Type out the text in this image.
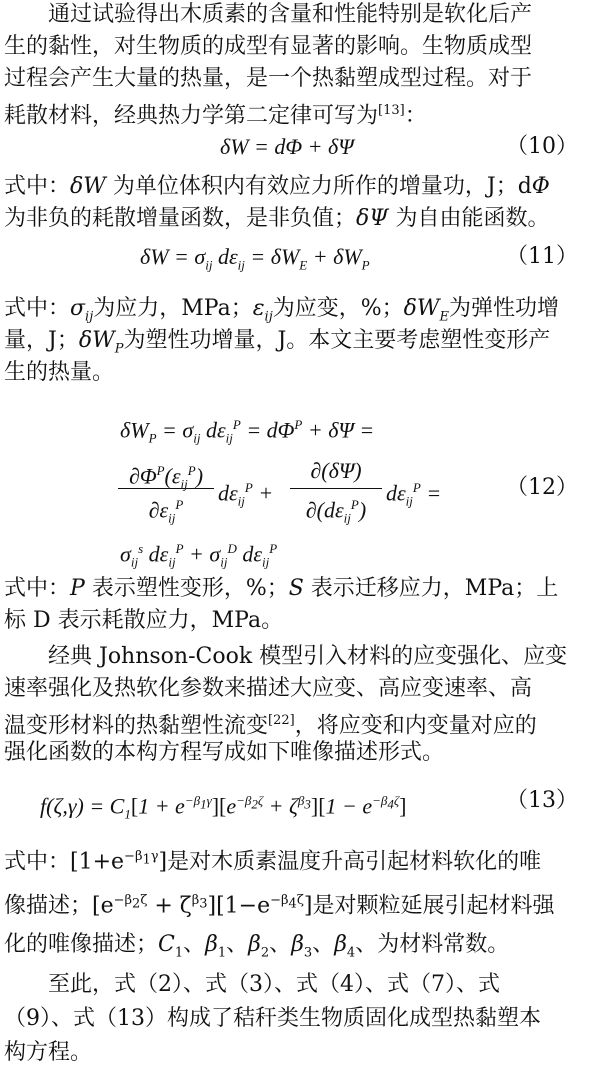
通过试验得出木质素的含量和性能特别是软化后产
生的黏性，对生物质的成型有显著的影响。生物质成型
过程会产生大量的热量，是一个热黏塑成型过程。对于
耗散材料，经典热力学第二定律可写为[13]：
δW = dΦ + δΨ	（10）
式中：δW 为单位体积内有效应力所作的增量功，J；dΦ
为非负的耗散增量函数，是非负值；δΨ 为自由能函数。
$\delta W = \sigma_{ij}$ $d\varepsilon_{ij} = \delta W_E + \delta W_P$	（11）
式中：$\sigma_{ij}$为应力，MPa；$\varepsilon_{ij}$为应变，%；$\delta W_E$为弹性功增
量，J；$\delta W_P$为塑性功增量，J。本文主要考虑塑性变形产
生的热量。
$\delta W_P = \sigma_{ij}$ $d\varepsilon_{ij}^P = d\Phi^P + \delta\Psi$ =
$\partial\Phi^P(\varepsilon_{ij}^P)$
$\partial\varepsilon_{ij}^P$	$d\varepsilon_{ij}^P$ +
∂(δΨ)
$\partial(d\varepsilon_{ij}^P)$
$d\varepsilon_{ij}^P$ =	（12）
$\sigma_{ij}^s$ $d\varepsilon_{ij}^P + \sigma_{ij}^D$ $d\varepsilon_{ij}^P$
式中：P 表示塑性变形，%；S 表示迁移应力，MPa；上
标 D 表示耗散应力，MPa。
经典 Johnson-Cook 模型引入材料的应变强化、应变
速率强化及热软化参数来描述大应变、高应变速率、高
温变形材料的热黏塑性流变[22]，将应变和内变量对应的
强化函数的本构方程写成如下唯像描述形式。
$f(\zeta,\gamma) = C_1[1 + e^{-\beta_1\gamma}][e^{-\beta_2\zeta} + \zeta^{\beta_3}][1 - e^{-\beta_4\zeta}]$	（13）
式中：$[1+e^{-\beta_1\gamma}]$是对木质素温度升高引起材料软化的唯
像描述；$[e^{-\beta_2\zeta} + \zeta^{\beta_3}][1-e^{-\beta_4\zeta}]$是对颗粒延展引起材料强
化的唯像描述；$C_1$、$\beta_1$、$\beta_2$、$\beta_3$、$\beta_4$、为材料常数。
至此，式（2）、式（3）、式（4）、式（7）、式
（9）、式（13）构成了秸秆类生物质固化成型热黏塑本
构方程。
